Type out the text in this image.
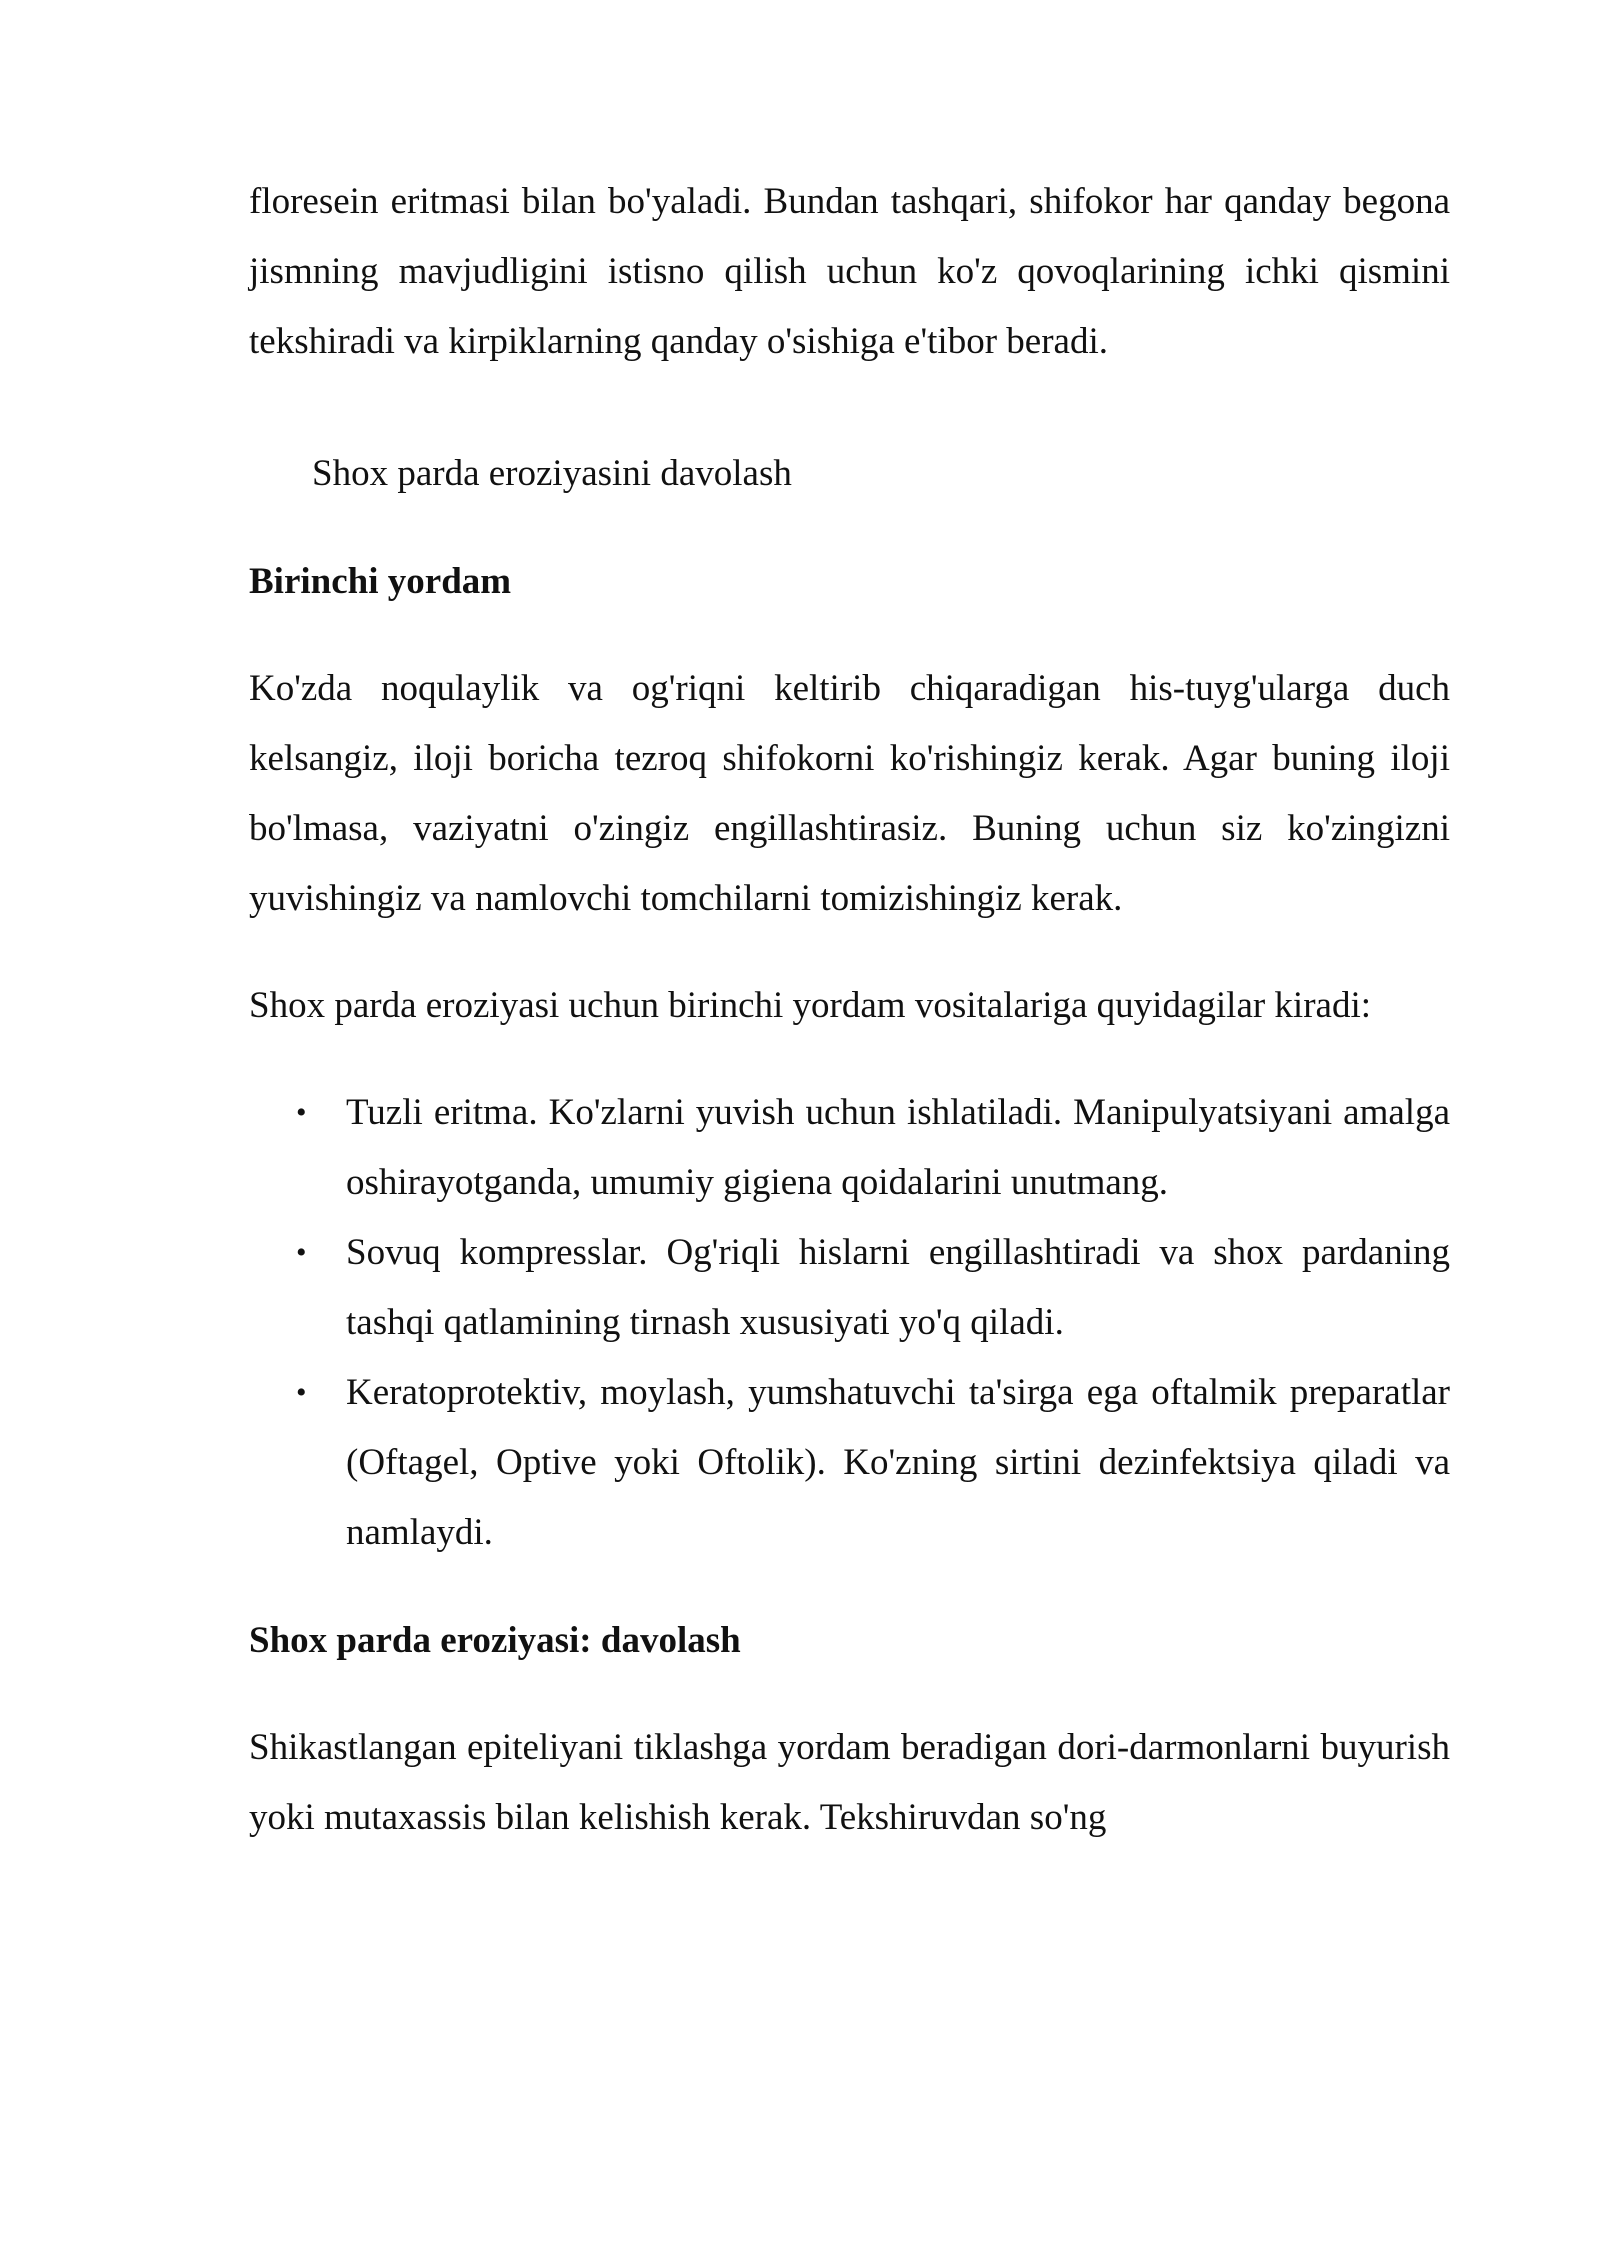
floresein eritmasi bilan bo'yaladi. Bundan tashqari, shifokor har qanday begona jismning mavjudligini istisno qilish uchun ko'z qovoqlarining ichki qismini tekshiradi va kirpiklarning qanday o'sishiga e'tibor beradi.

Shox parda eroziyasini davolash

Birinchi yordam

Ko'zda noqulaylik va og'riqni keltirib chiqaradigan his-tuyg'ularga duch kelsangiz, iloji boricha tezroq shifokorni ko'rishingiz kerak. Agar buning iloji bo'lmasa, vaziyatni o'zingiz engillashtirasiz. Buning uchun siz ko'zingizni yuvishingiz va namlovchi tomchilarni tomizishingiz kerak.

Shox parda eroziyasi uchun birinchi yordam vositalariga quyidagilar kiradi:

• Tuzli eritma. Ko'zlarni yuvish uchun ishlatiladi. Manipulyatsiyani amalga oshirayotganda, umumiy gigiena qoidalarini unutmang.
• Sovuq kompresslar. Og'riqli hislarni engillashtiradi va shox pardaning tashqi qatlamining tirnash xususiyati yo'q qiladi.
• Keratoprotektiv, moylash, yumshatuvchi ta'sirga ega oftalmik preparatlar (Oftagel, Optive yoki Oftolik). Ko'zning sirtini dezinfektsiya qiladi va namlaydi.

Shox parda eroziyasi: davolash

Shikastlangan epiteliyani tiklashga yordam beradigan dori-darmonlarni buyurish yoki mutaxassis bilan kelishish kerak. Tekshiruvdan so'ng
